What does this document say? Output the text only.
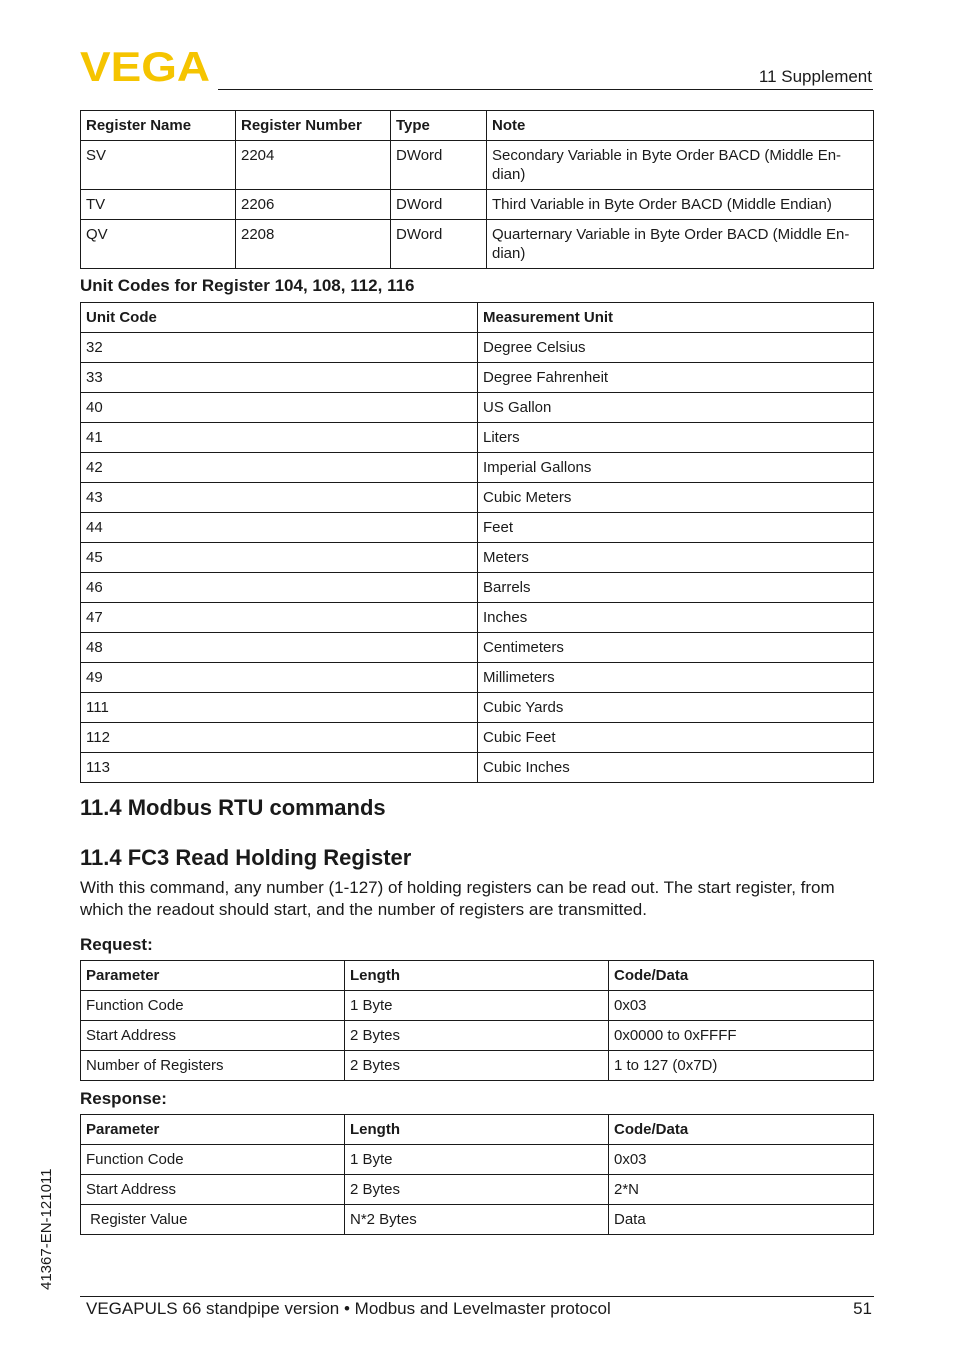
VEGA	11 Supplement
Register Name	Register Number	Type	Note
SV	2204	DWord	Secondary Variable in Byte Order BACD (Middle En-dian)
TV	2206	DWord	Third Variable in Byte Order BACD (Middle Endian)
QV	2208	DWord	Quarternary Variable in Byte Order BACD (Middle En-dian)
Unit Codes for Register 104, 108, 112, 116
Unit Code	Measurement Unit
32	Degree Celsius
33	Degree Fahrenheit
40	US Gallon
41	Liters
42	Imperial Gallons
43	Cubic Meters
44	Feet
45	Meters
46	Barrels
47	Inches
48	Centimeters
49	Millimeters
111	Cubic Yards
112	Cubic Feet
113	Cubic Inches
11.4 Modbus RTU commands
11.4 FC3 Read Holding Register
With this command, any number (1-127) of holding registers can be read out. The start register, from which the readout should start, and the number of registers are transmitted.
Request:
Parameter	Length	Code/Data
Function Code	1 Byte	0x03
Start Address	2 Bytes	0x0000 to 0xFFFF
Number of Registers	2 Bytes	1 to 127 (0x7D)
Response:
Parameter	Length	Code/Data
Function Code	1 Byte	0x03
Start Address	2 Bytes	2*N
Register Value	N*2 Bytes	Data
41367-EN-121011
VEGAPULS 66 standpipe version • Modbus and Levelmaster protocol	51
